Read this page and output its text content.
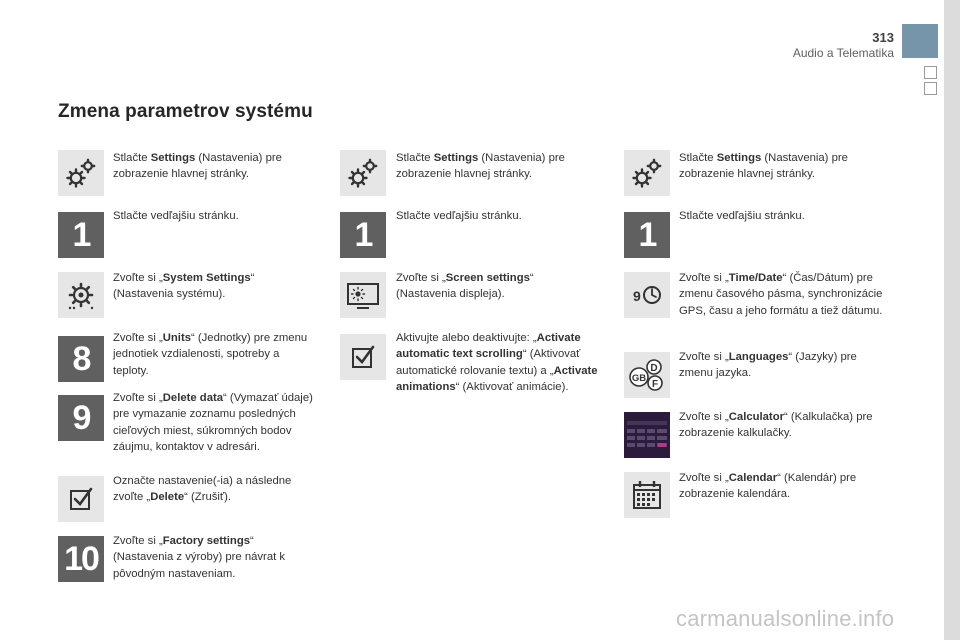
313
Audio a Telematika
Zmena parametrov systému
Stlačte Settings (Nastavenia) pre zobrazenie hlavnej stránky.
1	Stlačte vedľajšiu stránku.
Zvoľte si „System Settings“ (Nastavenia systému).
8
Zvoľte si „Units“ (Jednotky) pre zmenu jednotiek vzdialenosti, spotreby a teploty.
9
Zvoľte si „Delete data“ (Vymazať údaje) pre vymazanie zoznamu posledných cieľových miest, súkromných bodov záujmu, kontaktov v adresári.
Označte nastavenie(-ia) a následne zvoľte „Delete“ (Zrušiť).
10	Zvoľte si „Factory settings“ (Nastavenia z výroby) pre návrat k pôvodným nastaveniam.
Stlačte Settings (Nastavenia) pre zobrazenie hlavnej stránky.
1	Stlačte vedľajšiu stránku.
Zvoľte si „Screen settings“ (Nastavenia displeja).
Aktivujte alebo deaktivujte: „Activate automatic text scrolling“ (Aktivovať automatické rolovanie textu) a „Activate animations“ (Aktivovať animácie).
Stlačte Settings (Nastavenia) pre zobrazenie hlavnej stránky.
1	Stlačte vedľajšiu stránku.
9
Zvoľte si „Time/Date“ (Čas/Dátum) pre zmenu časového pásma, synchronizácie GPS, času a jeho formátu a tiež dátumu.
D
F
GB
Zvoľte si „Languages“ (Jazyky) pre zmenu jazyka.
Zvoľte si „Calculator“ (Kalkulačka) pre zobrazenie kalkulačky.
Zvoľte si „Calendar“ (Kalendár) pre zobrazenie kalendára.
carmanualsonline.info
